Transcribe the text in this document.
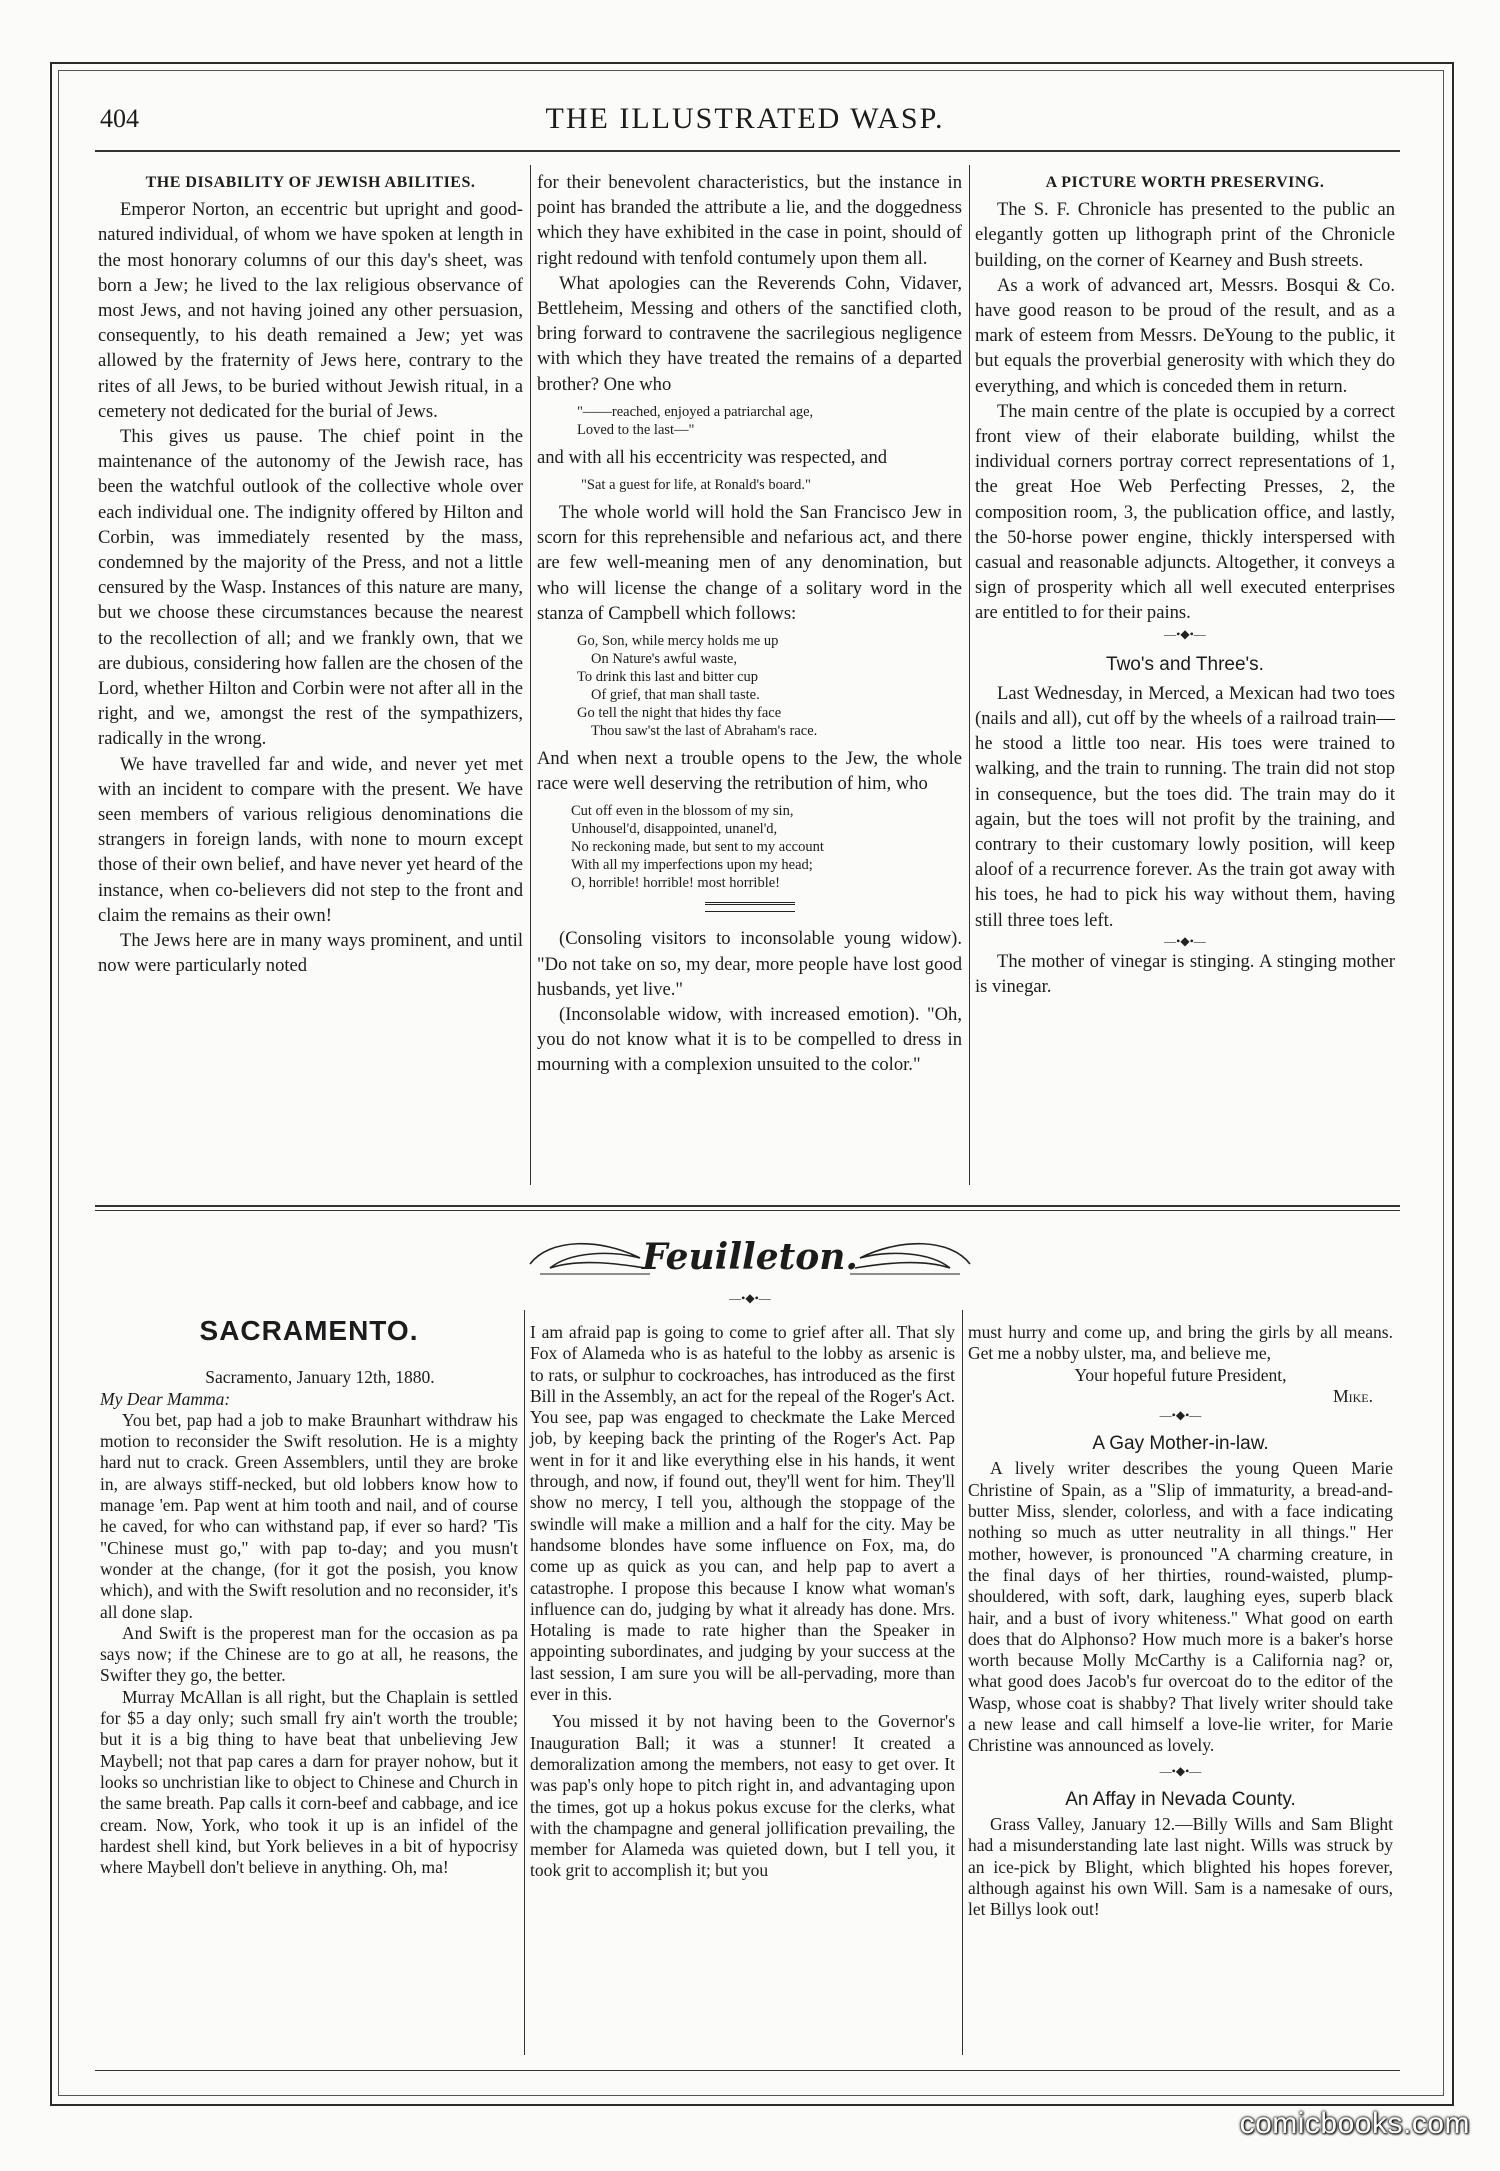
404	THE ILLUSTRATED WASP.
THE DISABILITY OF JEWISH ABILITIES.

Emperor Norton, an eccentric but upright and good-natured individual, of whom we have spoken at length in the most honorary columns of our this day's sheet, was born a Jew; he lived to the lax religious observance of most Jews, and not having joined any other persuasion, consequently, to his death remained a Jew; yet was allowed by the fraternity of Jews here, contrary to the rites of all Jews, to be buried without Jewish ritual, in a cemetery not dedicated for the burial of Jews.

This gives us pause. The chief point in the maintenance of the autonomy of the Jewish race, has been the watchful outlook of the collective whole over each individual one. The indignity offered by Hilton and Corbin, was immediately resented by the mass, condemned by the majority of the Press, and not a little censured by the Wasp. Instances of this nature are many, but we choose these circumstances because the nearest to the recollection of all; and we frankly own, that we are dubious, considering how fallen are the chosen of the Lord, whether Hilton and Corbin were not after all in the right, and we, amongst the rest of the sympathizers, radically in the wrong.

We have travelled far and wide, and never yet met with an incident to compare with the present. We have seen members of various religious denominations die strangers in foreign lands, with none to mourn except those of their own belief, and have never yet heard of the instance, when co-believers did not step to the front and claim the remains as their own!

The Jews here are in many ways prominent, and until now were particularly noted

for their benevolent characteristics, but the instance in point has branded the attribute a lie, and the doggedness which they have exhibited in the case in point, should of right redound with tenfold contumely upon them all.

What apologies can the Reverends Cohn, Vidaver, Bettleheim, Messing and others of the sanctified cloth, bring forward to contravene the sacrilegious negligence with which they have treated the remains of a departed brother? One who

"——reached, enjoyed a patriarchal age,
Loved to the last—"

and with all his eccentricity was respected, and

"Sat a guest for life, at Ronald's board."

The whole world will hold the San Francisco Jew in scorn for this reprehensible and nefarious act, and there are few well-meaning men of any denomination, but who will license the change of a solitary word in the stanza of Campbell which follows:

Go, Son, while mercy holds me up
On Nature's awful waste,
To drink this last and bitter cup
Of grief, that man shall taste.
Go tell the night that hides thy face
Thou saw'st the last of Abraham's race.

And when next a trouble opens to the Jew, the whole race were well deserving the retribution of him, who

Cut off even in the blossom of my sin,
Unhousel'd, disappointed, unanel'd,
No reckoning made, but sent to my account
With all my imperfections upon my head;
O, horrible! horrible! most horrible!

(Consoling visitors to inconsolable young widow). "Do not take on so, my dear, more people have lost good husbands, yet live."

(Inconsolable widow, with increased emotion). "Oh, you do not know what it is to be compelled to dress in mourning with a complexion unsuited to the color."

A PICTURE WORTH PRESERVING.

The S. F. Chronicle has presented to the public an elegantly gotten up lithograph print of the Chronicle building, on the corner of Kearney and Bush streets.

As a work of advanced art, Messrs. Bosqui & Co. have good reason to be proud of the result, and as a mark of esteem from Messrs. DeYoung to the public, it but equals the proverbial generosity with which they do everything, and which is conceded them in return.

The main centre of the plate is occupied by a correct front view of their elaborate building, whilst the individual corners portray correct representations of 1, the great Hoe Web Perfecting Presses, 2, the composition room, 3, the publication office, and lastly, the 50-horse power engine, thickly interspersed with casual and reasonable adjuncts. Altogether, it conveys a sign of prosperity which all well executed enterprises are entitled to for their pains.

—•◆•—
Two's and Three's.

Last Wednesday, in Merced, a Mexican had two toes (nails and all), cut off by the wheels of a railroad train—he stood a little too near. His toes were trained to walking, and the train to running. The train did not stop in consequence, but the toes did. The train may do it again, but the toes will not profit by the training, and contrary to their customary lowly position, will keep aloof of a recurrence forever. As the train got away with his toes, he had to pick his way without them, having still three toes left.

—•◆•—

The mother of vinegar is stinging. A stinging mother is vinegar.

Feuilleton.
—•◆•—
SACRAMENTO.

Sacramento, January 12th, 1880.

My Dear Mamma:

You bet, pap had a job to make Braunhart withdraw his motion to reconsider the Swift resolution. He is a mighty hard nut to crack. Green Assemblers, until they are broke in, are always stiff-necked, but old lobbers know how to manage 'em. Pap went at him tooth and nail, and of course he caved, for who can withstand pap, if ever so hard? 'Tis "Chinese must go," with pap to-day; and you musn't wonder at the change, (for it got the posish, you know which), and with the Swift resolution and no reconsider, it's all done slap.

And Swift is the properest man for the occasion as pa says now; if the Chinese are to go at all, he reasons, the Swifter they go, the better.

Murray McAllan is all right, but the Chaplain is settled for $5 a day only; such small fry ain't worth the trouble; but it is a big thing to have beat that unbelieving Jew Maybell; not that pap cares a darn for prayer nohow, but it looks so unchristian like to object to Chinese and Church in the same breath. Pap calls it corn-beef and cabbage, and ice cream. Now, York, who took it up is an infidel of the hardest shell kind, but York believes in a bit of hypocrisy where Maybell don't believe in anything. Oh, ma!

I am afraid pap is going to come to grief after all. That sly Fox of Alameda who is as hateful to the lobby as arsenic is to rats, or sulphur to cockroaches, has introduced as the first Bill in the Assembly, an act for the repeal of the Roger's Act. You see, pap was engaged to checkmate the Lake Merced job, by keeping back the printing of the Roger's Act. Pap went in for it and like everything else in his hands, it went through, and now, if found out, they'll went for him. They'll show no mercy, I tell you, although the stoppage of the swindle will make a million and a half for the city. May be handsome blondes have some influence on Fox, ma, do come up as quick as you can, and help pap to avert a catastrophe. I propose this because I know what woman's influence can do, judging by what it already has done. Mrs. Hotaling is made to rate higher than the Speaker in appointing subordinates, and judging by your success at the last session, I am sure you will be all-pervading, more than ever in this.

You missed it by not having been to the Governor's Inauguration Ball; it was a stunner! It created a demoralization among the members, not easy to get over. It was pap's only hope to pitch right in, and advantaging upon the times, got up a hokus pokus excuse for the clerks, what with the champagne and general jollification prevailing, the member for Alameda was quieted down, but I tell you, it took grit to accomplish it; but you

must hurry and come up, and bring the girls by all means. Get me a nobby ulster, ma, and believe me,

Your hopeful future President,
Mike.
—•◆•—
A Gay Mother-in-law.

A lively writer describes the young Queen Marie Christine of Spain, as a "Slip of immaturity, a bread-and-butter Miss, slender, colorless, and with a face indicating nothing so much as utter neutrality in all things." Her mother, however, is pronounced "A charming creature, in the final days of her thirties, round-waisted, plump-shouldered, with soft, dark, laughing eyes, superb black hair, and a bust of ivory whiteness." What good on earth does that do Alphonso? How much more is a baker's horse worth because Molly McCarthy is a California nag? or, what good does Jacob's fur overcoat do to the editor of the Wasp, whose coat is shabby? That lively writer should take a new lease and call himself a love-lie writer, for Marie Christine was announced as lovely.

—•◆•—
An Affay in Nevada County.

Grass Valley, January 12.—Billy Wills and Sam Blight had a misunderstanding late last night. Wills was struck by an ice-pick by Blight, which blighted his hopes forever, although against his own Will. Sam is a namesake of ours, let Billys look out!

comicbooks.com
